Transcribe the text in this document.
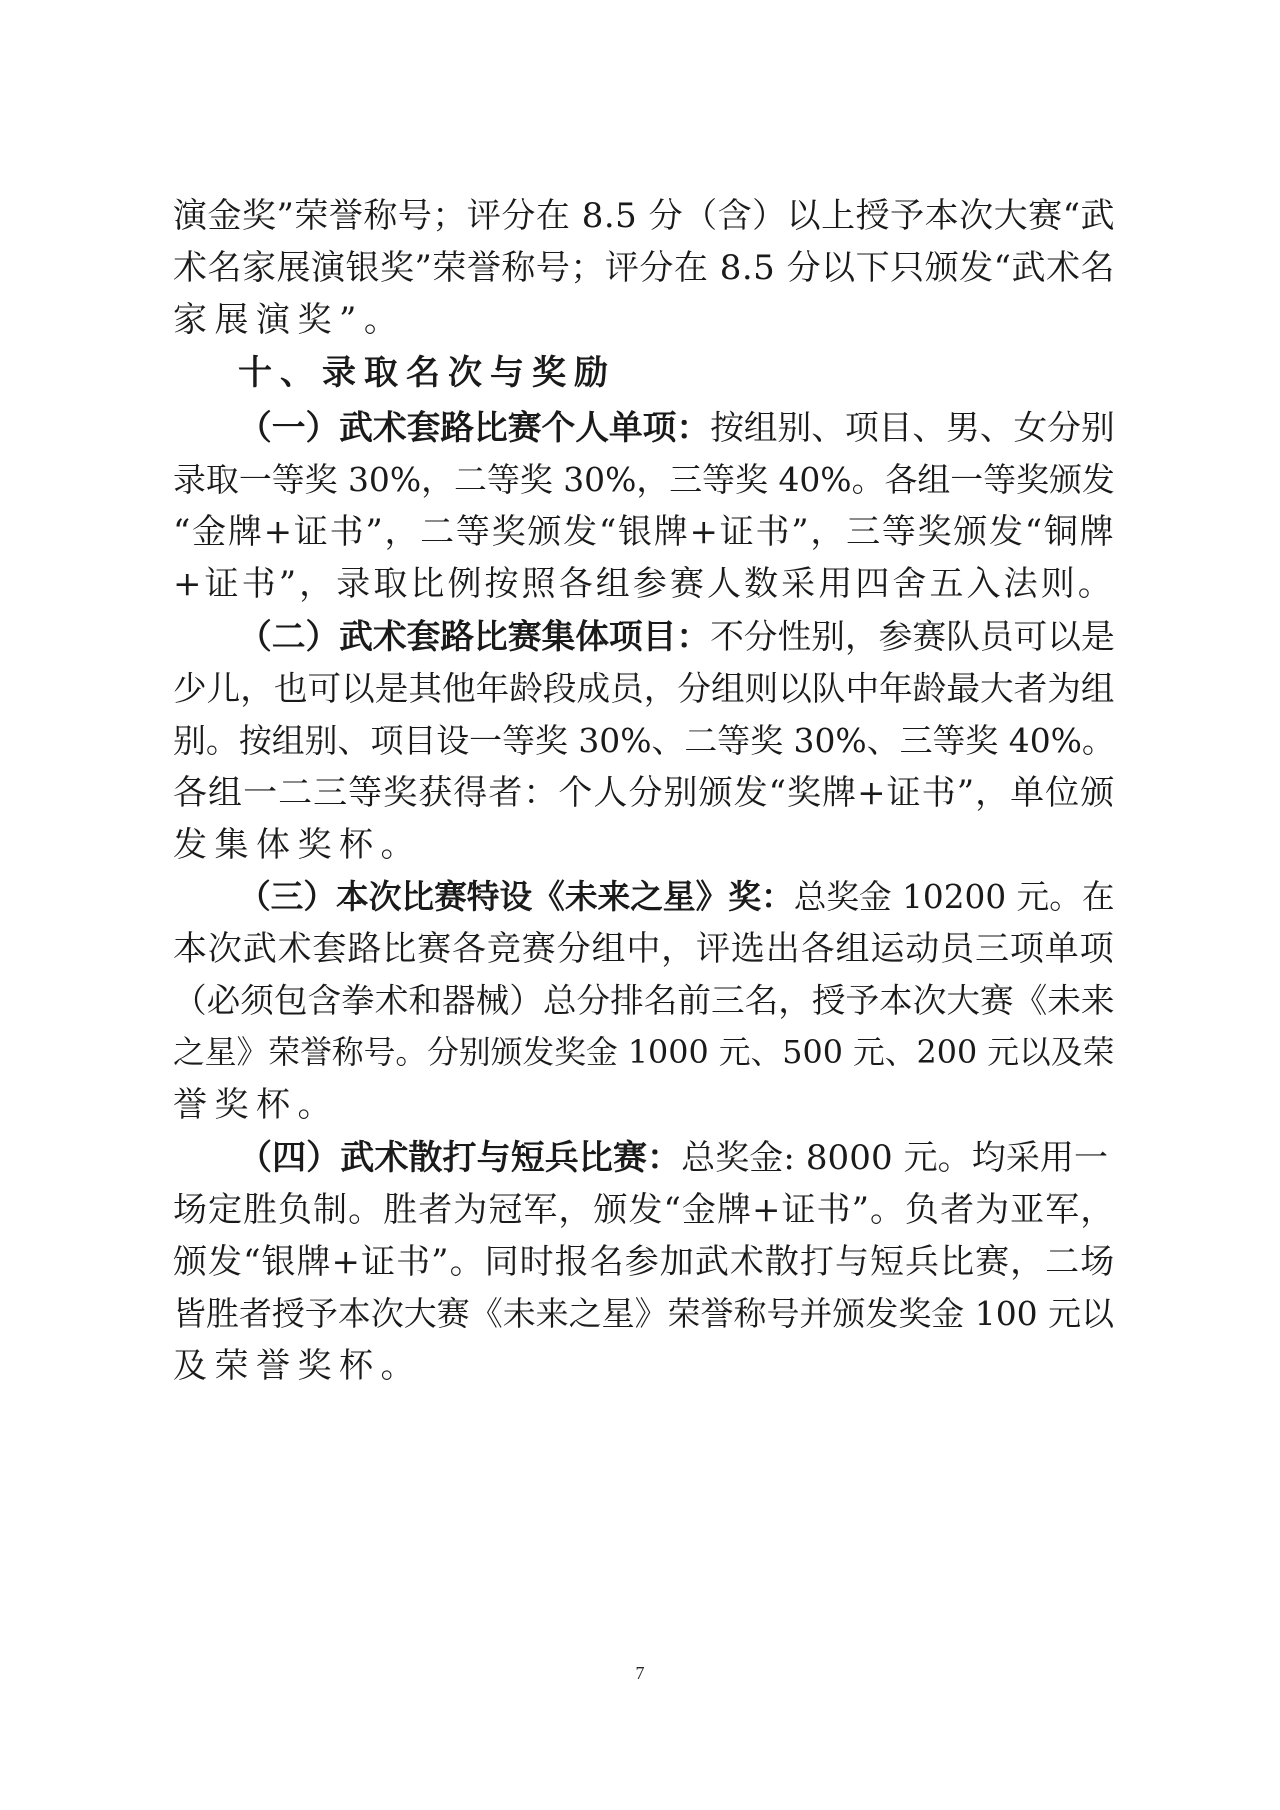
演金奖”荣誉称号；评分在 8.5 分（含）以上授予本次大赛“武
术名家展演银奖”荣誉称号；评分在 8.5 分以下只颁发“武术名
家展演奖”。
十、录取名次与奖励
（一）武术套路比赛个人单项：按组别、项目、男、女分别
录取一等奖 30%，二等奖 30%，三等奖 40%。各组一等奖颁发
“金牌+证书”，二等奖颁发“银牌+证书”，三等奖颁发“铜牌
+证书”，录取比例按照各组参赛人数采用四舍五入法则。
（二）武术套路比赛集体项目：不分性别，参赛队员可以是
少儿，也可以是其他年龄段成员，分组则以队中年龄最大者为组
别。按组别、项目设一等奖 30%、二等奖 30%、三等奖 40%。
各组一二三等奖获得者：个人分别颁发“奖牌+证书”，单位颁
发集体奖杯。
（三）本次比赛特设《未来之星》奖：总奖金 10200 元。在
本次武术套路比赛各竞赛分组中，评选出各组运动员三项单项
（必须包含拳术和器械）总分排名前三名，授予本次大赛《未来
之星》荣誉称号。分别颁发奖金 1000 元、500 元、200 元以及荣
誉奖杯。
（四）武术散打与短兵比赛：总奖金: 8000 元。均采用一
场定胜负制。胜者为冠军，颁发“金牌+证书”。负者为亚军，
颁发“银牌+证书”。同时报名参加武术散打与短兵比赛，二场
皆胜者授予本次大赛《未来之星》荣誉称号并颁发奖金 100 元以
及荣誉奖杯。
7
